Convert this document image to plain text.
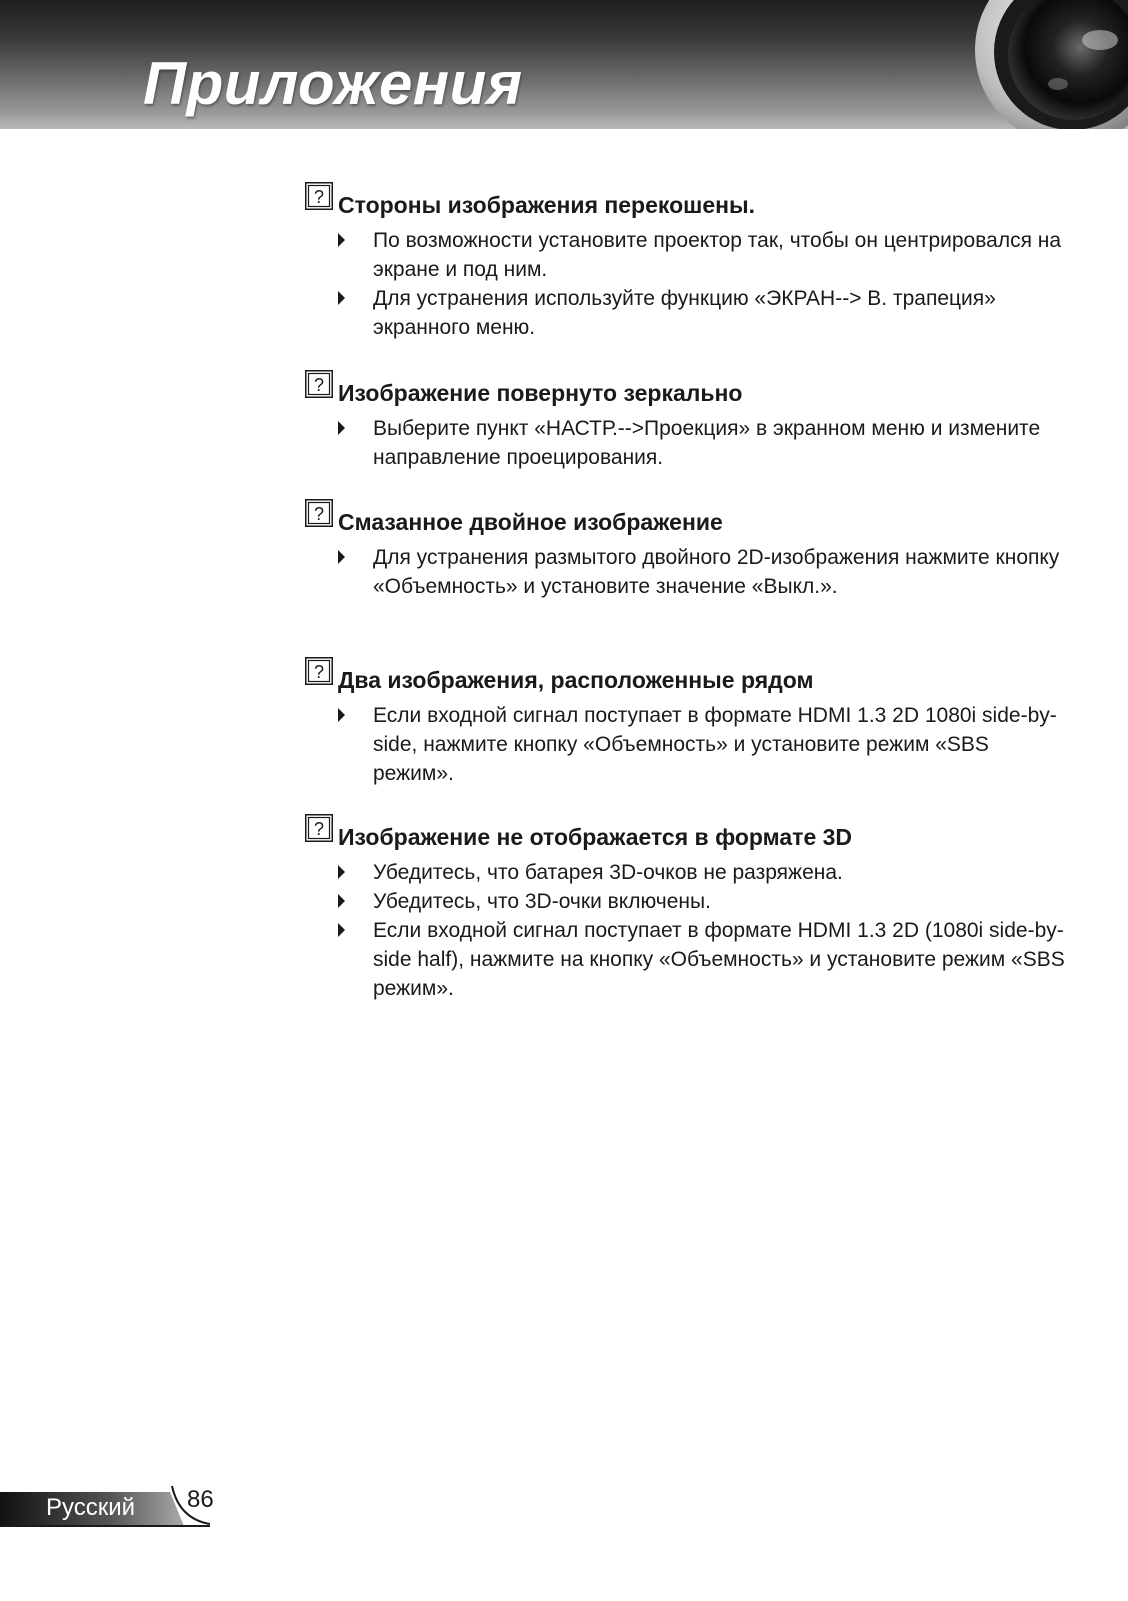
Приложения
? Стороны изображения перекошены.

По возможности установите проектор так, чтобы он центрировался на экране и под ним.
Для устранения используйте функцию «ЭКРАН--> В. трапеция» экранного меню.
? Изображение повернуто зеркально

Выберите пункт «НАСТР.-->Проекция» в экранном меню и измените направление проецирования.
? Смазанное двойное изображение

Для устранения размытого двойного 2D-изображения нажмите кнопку «Объемность» и установите значение «Выкл.».
? Два изображения, расположенные рядом

Если входной сигнал поступает в формате HDMI 1.3 2D 1080i side-by-side, нажмите кнопку «Объемность» и установите режим «SBS режим».
? Изображение не отображается в формате 3D

Убедитесь, что батарея 3D-очков не разряжена.
Убедитесь, что 3D-очки включены.
Если входной сигнал поступает в формате HDMI 1.3 2D (1080i side-by-side half), нажмите на кнопку «Объемность» и установите режим «SBS режим».

Русский 86
